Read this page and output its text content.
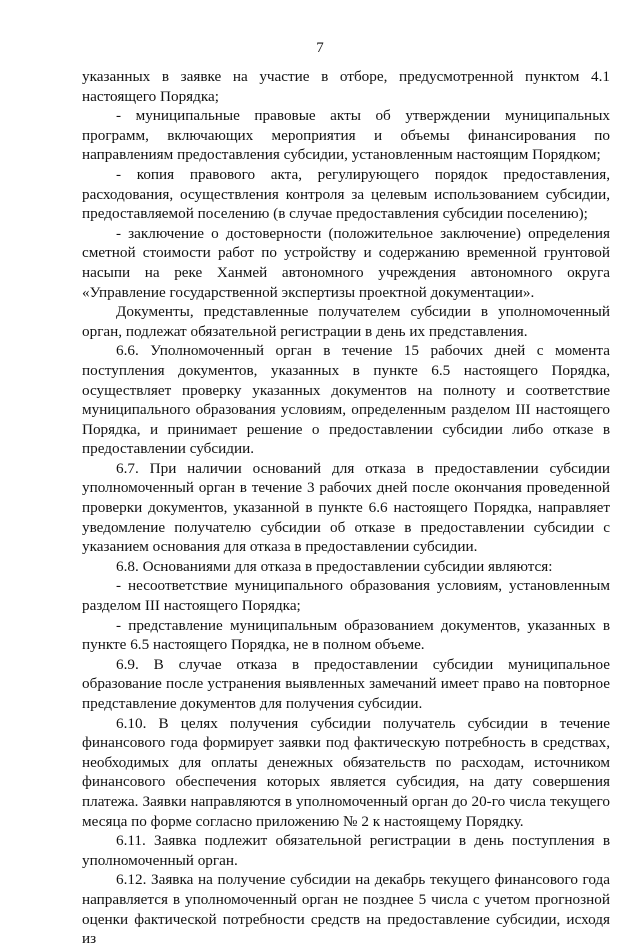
7

указанных в заявке на участие в отборе, предусмотренной пунктом 4.1 настоящего Порядка;

- муниципальные правовые акты об утверждении муниципальных программ, включающих мероприятия и объемы финансирования по направлениям предоставления субсидии, установленным настоящим Порядком;

- копия правового акта, регулирующего порядок предоставления, расходования, осуществления контроля за целевым использованием субсидии, предоставляемой поселению (в случае предоставления субсидии поселению);

- заключение о достоверности (положительное заключение) определения сметной стоимости работ по устройству и содержанию временной грунтовой насыпи на реке Ханмей автономного учреждения автономного округа «Управление государственной экспертизы проектной документации».

Документы, представленные получателем субсидии в уполномоченный орган, подлежат обязательной регистрации в день их представления.

6.6. Уполномоченный орган в течение 15 рабочих дней с момента поступления документов, указанных в пункте 6.5 настоящего Порядка, осуществляет проверку указанных документов на полноту и соответствие муниципального образования условиям, определенным разделом III настоящего Порядка, и принимает решение о предоставлении субсидии либо отказе в предоставлении субсидии.

6.7. При наличии оснований для отказа в предоставлении субсидии уполномоченный орган в течение 3 рабочих дней после окончания проведенной проверки документов, указанной в пункте 6.6 настоящего Порядка, направляет уведомление получателю субсидии об отказе в предоставлении субсидии с указанием основания для отказа в предоставлении субсидии.

6.8. Основаниями для отказа в предоставлении субсидии являются:

- несоответствие муниципального образования условиям, установленным разделом III настоящего Порядка;

- представление муниципальным образованием документов, указанных в пункте 6.5 настоящего Порядка, не в полном объеме.

6.9. В случае отказа в предоставлении субсидии муниципальное образование после устранения выявленных замечаний имеет право на повторное представление документов для получения субсидии.

6.10. В целях получения субсидии получатель субсидии в течение финансового года формирует заявки под фактическую потребность в средствах, необходимых для оплаты денежных обязательств по расходам, источником финансового обеспечения которых является субсидия, на дату совершения платежа. Заявки направляются в уполномоченный орган до 20-го числа текущего месяца по форме согласно приложению № 2 к настоящему Порядку.

6.11. Заявка подлежит обязательной регистрации в день поступления в уполномоченный орган.

6.12. Заявка на получение субсидии на декабрь текущего финансового года направляется в уполномоченный орган не позднее 5 числа с учетом прогнозной оценки фактической потребности средств на предоставление субсидии, исходя из
